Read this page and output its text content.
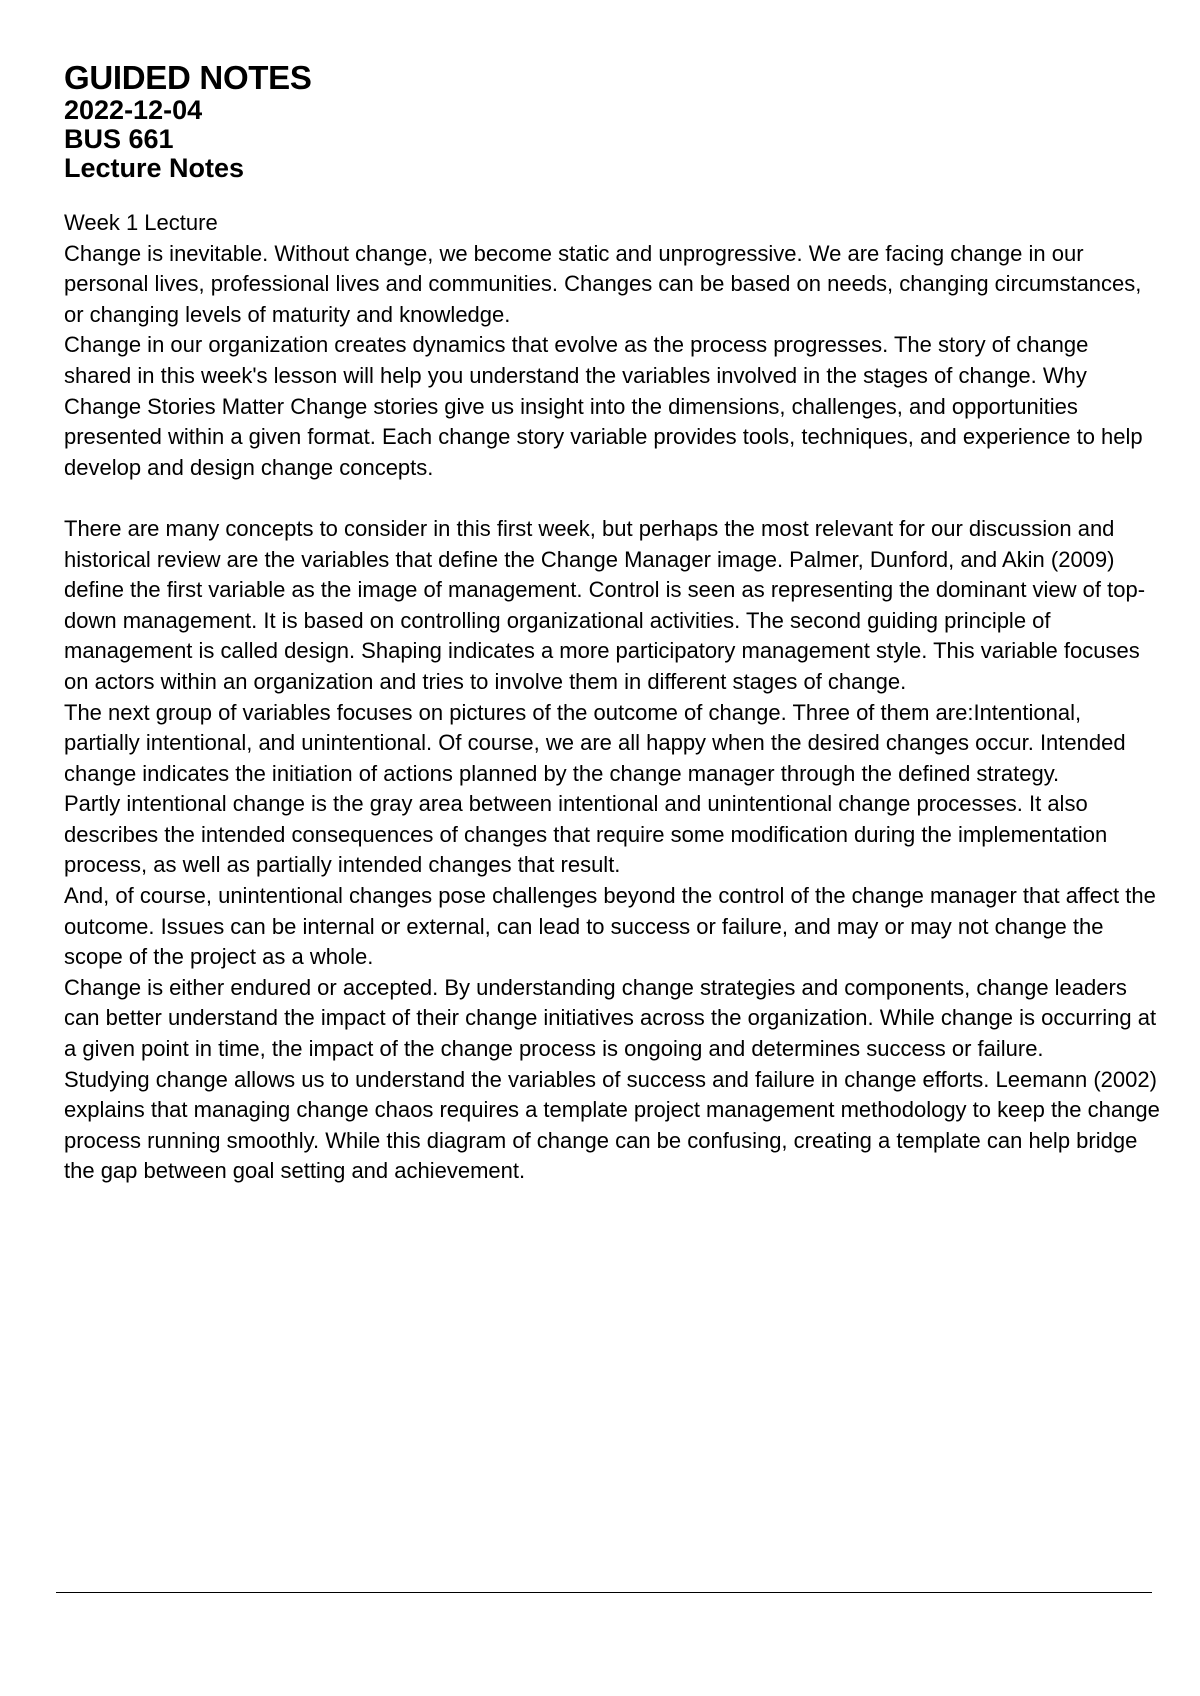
GUIDED NOTES
2022-12-04
BUS 661
Lecture Notes

Week 1 Lecture

Change is inevitable. Without change, we become static and unprogressive. We are facing change in our personal lives, professional lives and communities. Changes can be based on needs, changing circumstances, or changing levels of maturity and knowledge.

Change in our organization creates dynamics that evolve as the process progresses. The story of change shared in this week's lesson will help you understand the variables involved in the stages of change. Why Change Stories Matter Change stories give us insight into the dimensions, challenges, and opportunities presented within a given format. Each change story variable provides tools, techniques, and experience to help develop and design change concepts.

There are many concepts to consider in this first week, but perhaps the most relevant for our discussion and historical review are the variables that define the Change Manager image. Palmer, Dunford, and Akin (2009) define the first variable as the image of management. Control is seen as representing the dominant view of top-down management. It is based on controlling organizational activities. The second guiding principle of management is called design. Shaping indicates a more participatory management style. This variable focuses on actors within an organization and tries to involve them in different stages of change.

The next group of variables focuses on pictures of the outcome of change. Three of them are:Intentional, partially intentional, and unintentional. Of course, we are all happy when the desired changes occur. Intended change indicates the initiation of actions planned by the change manager through the defined strategy.

Partly intentional change is the gray area between intentional and unintentional change processes. It also describes the intended consequences of changes that require some modification during the implementation process, as well as partially intended changes that result.

And, of course, unintentional changes pose challenges beyond the control of the change manager that affect the outcome. Issues can be internal or external, can lead to success or failure, and may or may not change the scope of the project as a whole.

Change is either endured or accepted. By understanding change strategies and components, change leaders can better understand the impact of their change initiatives across the organization. While change is occurring at a given point in time, the impact of the change process is ongoing and determines success or failure.

Studying change allows us to understand the variables of success and failure in change efforts. Leemann (2002) explains that managing change chaos requires a template project management methodology to keep the change process running smoothly. While this diagram of change can be confusing, creating a template can help bridge the gap between goal setting and achievement.
